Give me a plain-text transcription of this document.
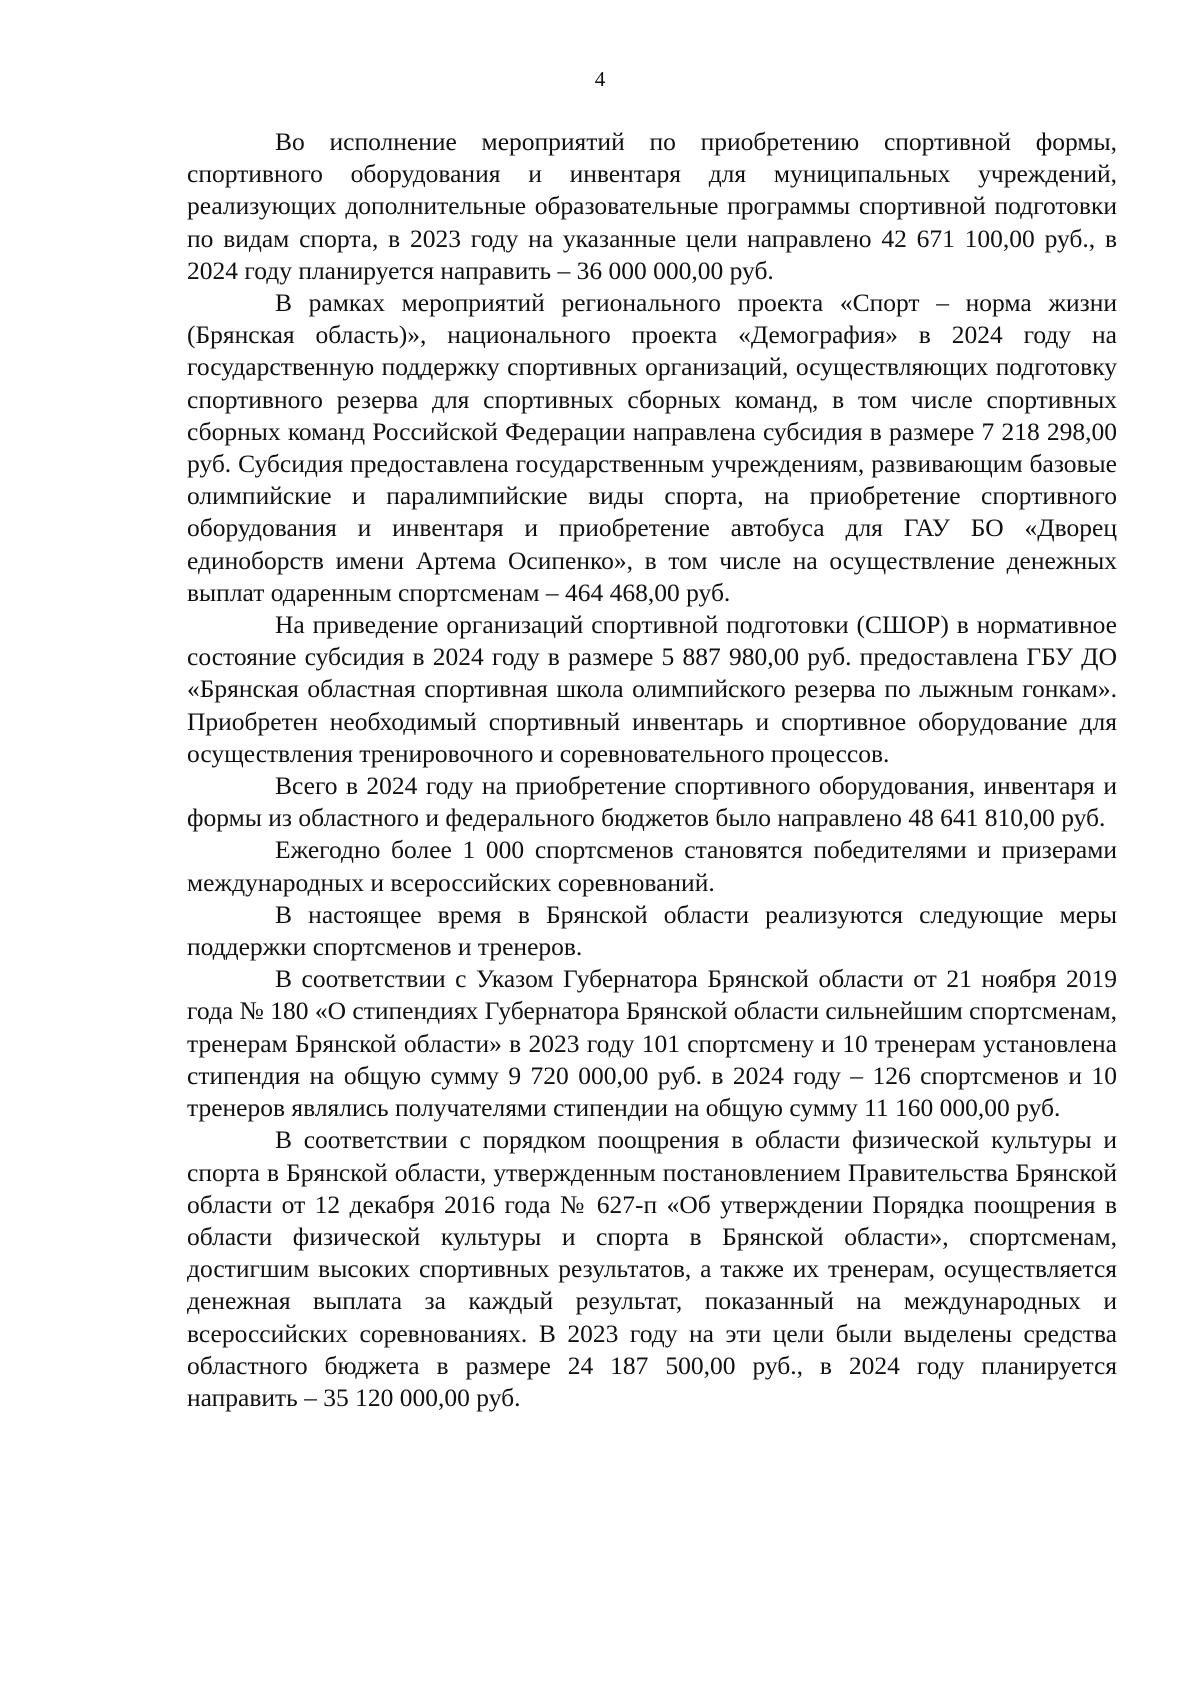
4

Во исполнение мероприятий по приобретению спортивной формы, спортивного оборудования и инвентаря для муниципальных учреждений, реализующих дополнительные образовательные программы спортивной подготовки по видам спорта, в 2023 году на указанные цели направлено 42 671 100,00 руб., в 2024 году планируется направить – 36 000 000,00 руб.

В рамках мероприятий регионального проекта «Спорт – норма жизни (Брянская область)», национального проекта «Демография» в 2024 году на государственную поддержку спортивных организаций, осуществляющих подготовку спортивного резерва для спортивных сборных команд, в том числе спортивных сборных команд Российской Федерации направлена субсидия в размере 7 218 298,00 руб. Субсидия предоставлена государственным учреждениям, развивающим базовые олимпийские и паралимпийские виды спорта, на приобретение спортивного оборудования и инвентаря и приобретение автобуса для ГАУ БО «Дворец единоборств имени Артема Осипенко», в том числе на осуществление денежных выплат одаренным спортсменам – 464 468,00 руб.

На приведение организаций спортивной подготовки (СШОР) в нормативное состояние субсидия в 2024 году в размере 5 887 980,00 руб. предоставлена ГБУ ДО «Брянская областная спортивная школа олимпийского резерва по лыжным гонкам». Приобретен необходимый спортивный инвентарь и спортивное оборудование для осуществления тренировочного и соревновательного процессов.

Всего в 2024 году на приобретение спортивного оборудования, инвентаря и формы из областного и федерального бюджетов было направлено 48 641 810,00 руб.

Ежегодно более 1 000 спортсменов становятся победителями и призерами международных и всероссийских соревнований.

В настоящее время в Брянской области реализуются следующие меры поддержки спортсменов и тренеров.

В соответствии с Указом Губернатора Брянской области от 21 ноября 2019 года № 180 «О стипендиях Губернатора Брянской области сильнейшим спортсменам, тренерам Брянской области» в 2023 году 101 спортсмену и 10 тренерам установлена стипендия на общую сумму 9 720 000,00 руб. в 2024 году – 126 спортсменов и 10 тренеров являлись получателями стипендии на общую сумму 11 160 000,00 руб.

В соответствии с порядком поощрения в области физической культуры и спорта в Брянской области, утвержденным постановлением Правительства Брянской области от 12 декабря 2016 года № 627-п «Об утверждении Порядка поощрения в области физической культуры и спорта в Брянской области», спортсменам, достигшим высоких спортивных результатов, а также их тренерам, осуществляется денежная выплата за каждый результат, показанный на международных и всероссийских соревнованиях. В 2023 году на эти цели были выделены средства областного бюджета в размере 24 187 500,00 руб., в 2024 году планируется направить – 35 120 000,00 руб.
